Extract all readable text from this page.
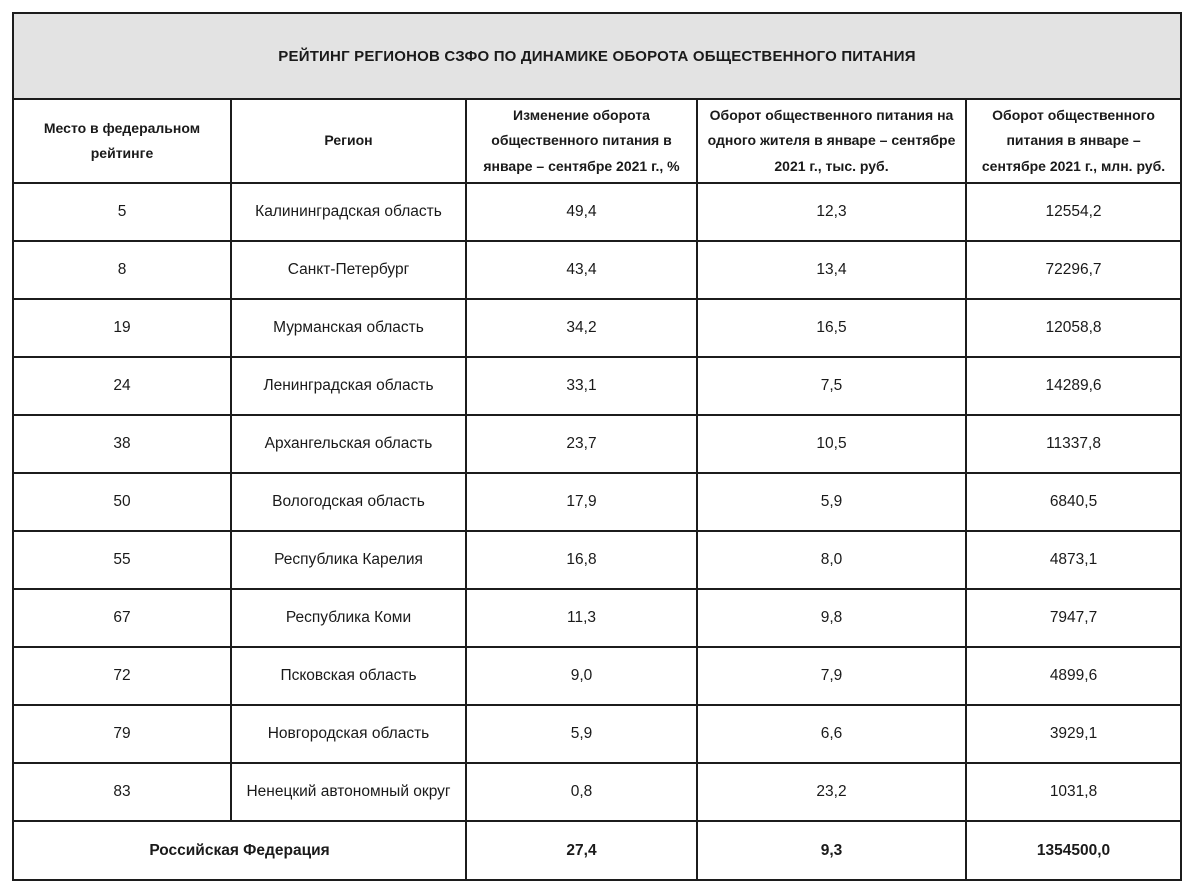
РЕЙТИНГ РЕГИОНОВ СЗФО ПО ДИНАМИКЕ ОБОРОТА ОБЩЕСТВЕННОГО ПИТАНИЯ				
Место в федеральном рейтинге	Регион	Изменение оборота общественного питания в январе – сентябре 2021 г., %	Оборот общественного питания на одного жителя в январе – сентябре 2021 г., тыс. руб.	Оборот общественного питания в январе – сентябре 2021 г., млн. руб.
5	Калининградская область	49,4	12,3	12554,2
8	Санкт-Петербург	43,4	13,4	72296,7
19	Мурманская область	34,2	16,5	12058,8
24	Ленинградская область	33,1	7,5	14289,6
38	Архангельская область	23,7	10,5	11337,8
50	Вологодская область	17,9	5,9	6840,5
55	Республика Карелия	16,8	8,0	4873,1
67	Республика Коми	11,3	9,8	7947,7
72	Псковская область	9,0	7,9	4899,6
79	Новгородская область	5,9	6,6	3929,1
83	Ненецкий автономный округ	0,8	23,2	1031,8
Российская Федерация		27,4	9,3	1354500,0
